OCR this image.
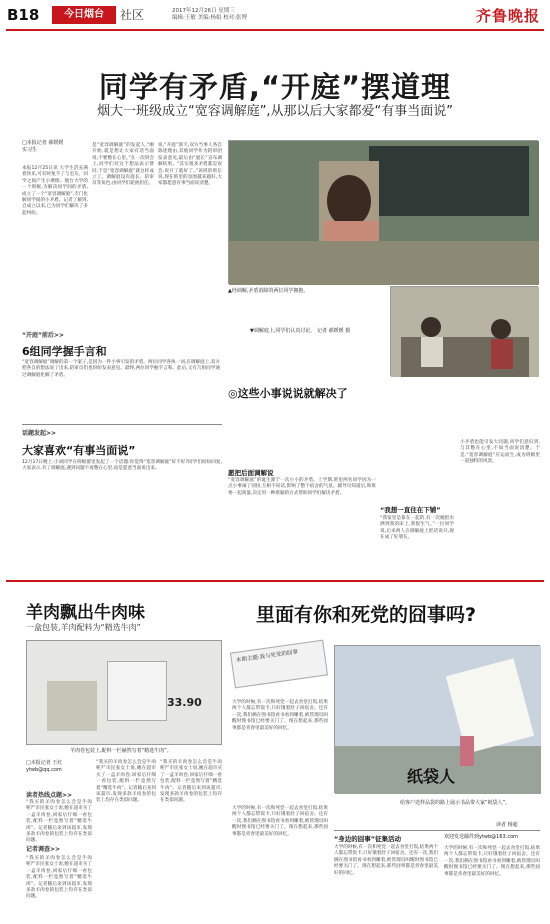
B18	今日烟台	社区	2017年12月26日 星期三
编辑:王敏 美编:杨娟 校对:张博	齐鲁晚报
同学有矛盾,“开庭”摆道理
烟大一班级成立“宽容调解庭”,从那以后大家都爱“有事当面说”
□本报记者 郝媛媛
实习生
本报12月25日讯 大学生活充满着快乐,可有时免不了与室友、同学之间产生小摩擦。烟台大学的一个班级,为解决同学间的矛盾,成立了一个“宽容调解庭”,专门化解同学间的小矛盾。记者了解到,自成立以来,已为同学们解决了多起纠纷。
是“宽容调解庭”的发起人,“刚开始,就是想让大家有话当面说,不要憋在心里。”在一次班会上,同学们对这个想法表示赞同,于是“宽容调解庭”就这样成立了。调解庭设有庭长、陪审员等角色,由同学们轮流担任。
说,“开庭”那天,双方当事人各自陈述理由,其他同学作为陪审团发表意见,最后由“庭长”宣布调解结果。“其实很多矛盾都是误会,说开了就好了。”该班的班长说,现在班里的氛围越来越好,大家都愿意有事当面说清楚。
▲经调解,矛盾消除的两位同学拥抱。
▼调解庭上,同学们认真讨论。 记者 郝媛媛 摄
◎这些小事说说就解决了
“开庭”前后>>
6组同学握手言和
“宽容调解庭”调解的第一个案子,是因为一件小事引发的矛盾。两位同学各执一词,在调解庭上,双方把各自的想法说了出来,陪审员们也纷纷发表意见。最终,两位同学握手言和。此后,又有几组同学通过调解庭化解了矛盾。
话题发起>>
大家喜欢“有事当面说”
12月17日晚上,小刘同学在班级群里发起了一个话题:你觉得“宽容调解庭”好不好?同学们纷纷回复,大家表示,有了调解庭,遇到问题不再憋在心里,而是愿意当面说出来。
愿把后面调解说
“宽容调解庭”的诞生源于一次小小的矛盾。上学期,班里两名同学因为一点小事闹了别扭,互相不说话,影响了整个宿舍的气氛。辅导员知道后,和班委一起商量,决定用一种新颖的方式帮助同学们解决矛盾。
“我想一直住在下铺”
“我家里是靠在一起的,有一次她把水洒到我的床上,我很生气。”一位同学说,后来两人在调解庭上把话说开,现在成了好朋友。
小矛盾也能引发大问题,同学们意识到,与其憋在心里,不如当面说清楚。于是,“宽容调解庭”应运而生,成为班级里一道独特的风景。
羊肉飘出牛肉味
一盒包装,羊肉配料为“精选牛肉”
33.90
羊肉卷包装上,配料一栏赫然写着“精选牛肉”。
□本报记者 王红
ytwb@qq.com
读者热线点题>>
“我买的羊肉卷怎么会是牛肉呢?”市民张女士说,她在超市买了一盒羊肉卷,回家后仔细一看包装,配料一栏竟然写着“精选牛肉”。记者随后来到该超市,发现多款羊肉卷的包装上均存在类似问题。
记者调查>>
“我买的羊肉卷怎么会是牛肉呢?”市民张女士说,她在超市买了一盒羊肉卷,回家后仔细一看包装,配料一栏竟然写着“精选牛肉”。记者随后来到该超市,发现多款羊肉卷的包装上均存在类似问题。
“我买的羊肉卷怎么会是牛肉呢?”市民张女士说,她在超市买了一盒羊肉卷,回家后仔细一看包装,配料一栏竟然写着“精选牛肉”。记者随后来到该超市,发现多款羊肉卷的包装上均存在类似问题。
“我买的羊肉卷怎么会是牛肉呢?”市民张女士说,她在超市买了一盒羊肉卷,回家后仔细一看包装,配料一栏竟然写着“精选牛肉”。记者随后来到该超市,发现多款羊肉卷的包装上均存在类似问题。
里面有你和死党的囧事吗?
本期主题:我与死党的囧事
大学的时候,有一次和死党一起去食堂打饭,结果两个人都忘带饭卡,只好饿着肚子回宿舍。还有一次,我们俩在图书馆看书看到睡着,被管理员叫醒时图书馆已经要关门了。现在想起来,那些囧事都是青春里最美好的回忆。
大学的时候,有一次和死党一起去食堂打饭,结果两个人都忘带饭卡,只好饿着肚子回宿舍。还有一次,我们俩在图书馆看书看到睡着,被管理员叫醒时图书馆已经要关门了。现在想起来,那些囧事都是青春里最美好的回忆。
纸袋人
给客户送样品袋的路上展示书品带大家“纸袋人”。
读者 杨超
“身边的囧事”征集活动
大学的时候,有一次和死党一起去食堂打饭,结果两个人都忘带饭卡,只好饿着肚子回宿舍。还有一次,我们俩在图书馆看书看到睡着,被管理员叫醒时图书馆已经要关门了。现在想起来,那些囧事都是青春里最美好的回忆。
欢迎发送邮件到ytwb@163.com
大学的时候,有一次和死党一起去食堂打饭,结果两个人都忘带饭卡,只好饿着肚子回宿舍。还有一次,我们俩在图书馆看书看到睡着,被管理员叫醒时图书馆已经要关门了。现在想起来,那些囧事都是青春里最美好的回忆。
